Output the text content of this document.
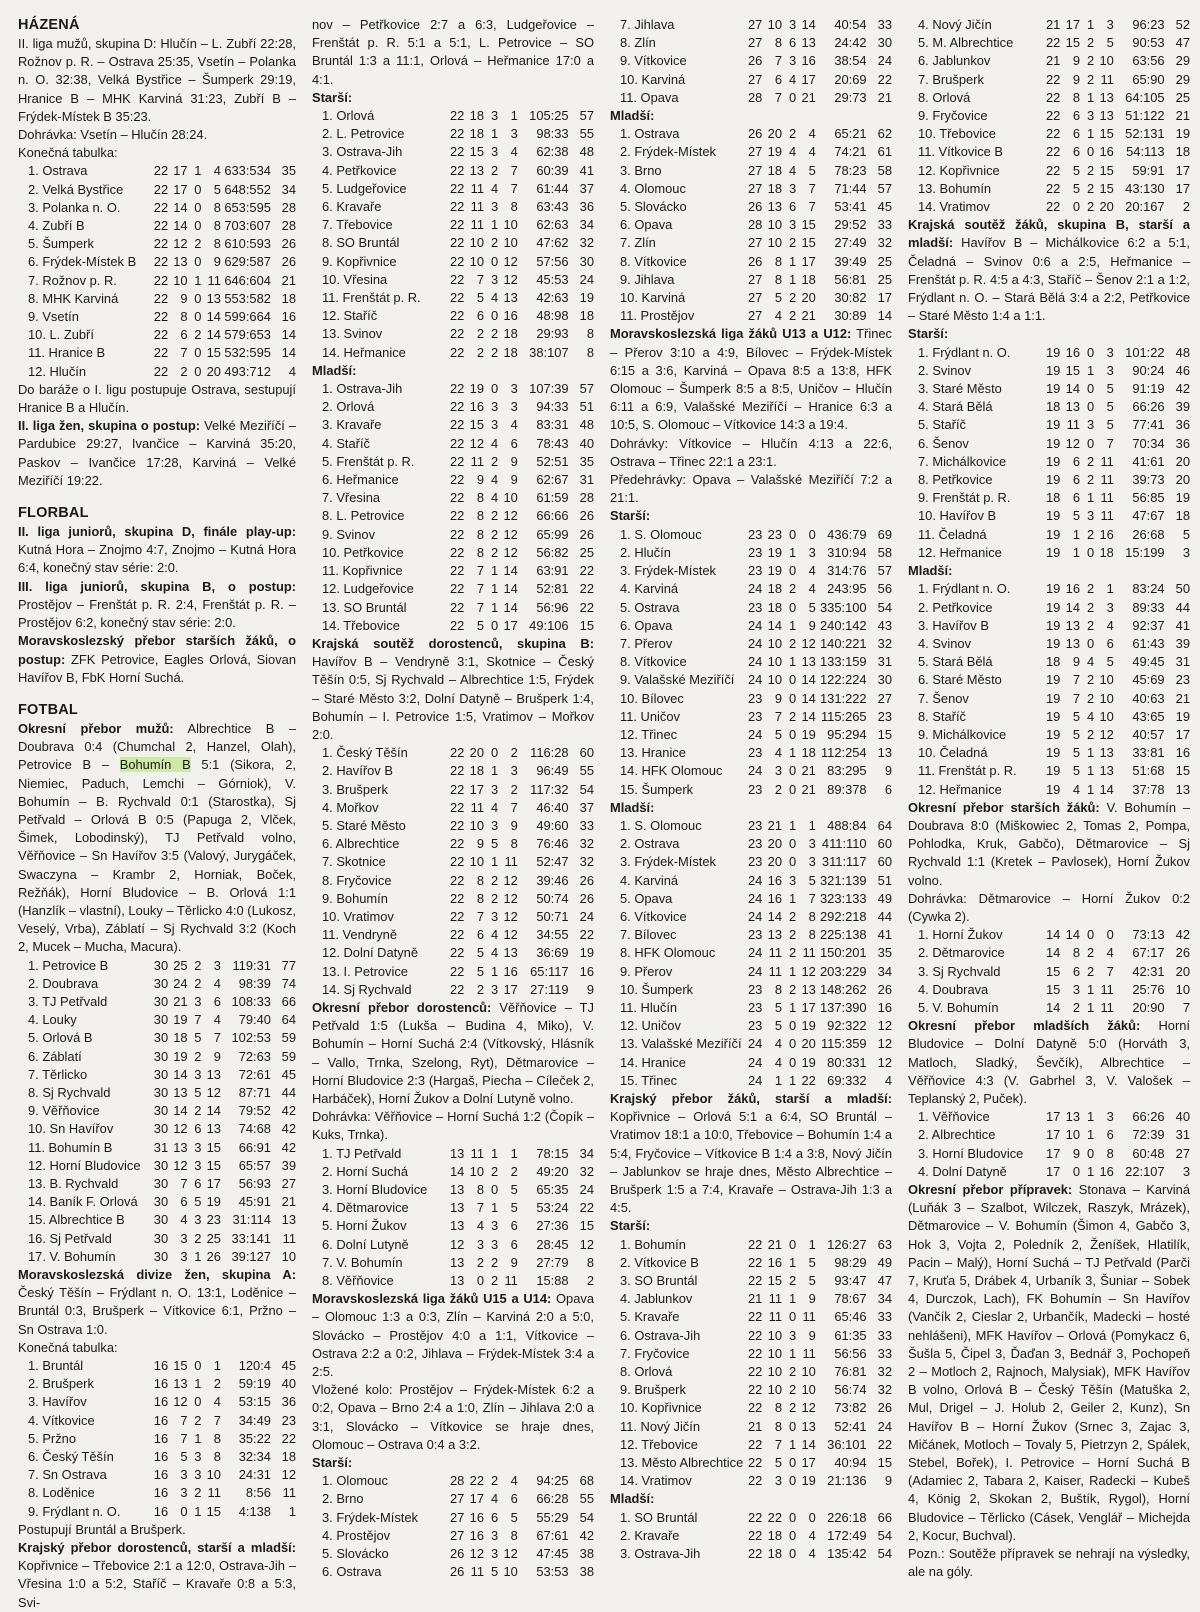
HÁZENÁ

II. liga mužů, skupina D: Hlučín – L. Zubří 22:28, Rožnov p. R. – Ostrava 25:35, Vsetín – Polanka n. O. 32:38, Velká Bystřice – Šumperk 29:19, Hranice B – MHK Karviná 31:23, Zubří B – Frýdek-Místek B 35:23.

Dohrávka: Vsetín – Hlučín 28:24.

Konečná tabulka:

1. Ostrava	22	17	1	4	633:534	35
2. Velká Bystřice	22	17	0	5	648:552	34
3. Polanka n. O.	22	14	0	8	653:595	28
4. Zubří B	22	14	0	8	703:607	28
5. Šumperk	22	12	2	8	610:593	26
6. Frýdek-Místek B	22	13	0	9	629:587	26
7. Rožnov p. R.	22	10	1	11	646:604	21
8. MHK Karviná	22	9	0	13	553:582	18
9. Vsetín	22	8	0	14	599:664	16
10. L. Zubří	22	6	2	14	579:653	14
11. Hranice B	22	7	0	15	532:595	14
12. Hlučín	22	2	0	20	493:712	4

Do baráže o I. ligu postupuje Ostrava, sestupují Hranice B a Hlučín.

II. liga žen, skupina o postup: Velké Meziříčí – Pardubice 29:27, Ivančice – Karviná 35:20, Paskov – Ivančice 17:28, Karviná – Velké Meziříčí 19:22.

FLORBAL

II. liga juniorů, skupina D, finále play-up: Kutná Hora – Znojmo 4:7, Znojmo – Kutná Hora 6:4, konečný stav série: 2:0.

III. liga juniorů, skupina B, o postup: Prostějov – Frenštát p. R. 2:4, Frenštát p. R. – Prostějov 6:2, konečný stav série: 2:0.

Moravskoslezský přebor starších žáků, o postup: ZFK Petrovice, Eagles Orlová, Siovan Havířov B, FbK Horní Suchá.

FOTBAL

Okresní přebor mužů: Albrechtice B – Doubrava 0:4 (Chumchal 2, Hanzel, Olah), Petrovice B – Bohumín B 5:1 (Sikora, 2, Niemiec, Paduch, Lemchi – Górniok), V. Bohumín – B. Rychvald 0:1 (Starostka), Sj Petřvald – Orlová B 0:5 (Papuga 2, Vlček, Šimek, Lobodinský), TJ Petřvald volno, Věřňovice – Sn Havířov 3:5 (Valový, Jurygáček, Swaczyna – Krambr 2, Horniak, Boček, Režňák), Horní Bludovice – B. Orlová 1:1 (Hanzlík – vlastní), Louky – Těrlicko 4:0 (Lukosz, Veselý, Vrba), Záblatí – Sj Rychvald 3:2 (Koch 2, Mucek – Mucha, Macura).

1. Petrovice B	30	25	2	3	119:31	77
2. Doubrava	30	24	2	4	98:39	74
3. TJ Petřvald	30	21	3	6	108:33	66
4. Louky	30	19	7	4	79:40	64
5. Orlová B	30	18	5	7	102:53	59
6. Záblatí	30	19	2	9	72:63	59
7. Těrlicko	30	14	3	13	72:61	45
8. Sj Rychvald	30	13	5	12	87:71	44
9. Věřňovice	30	14	2	14	79:52	42
10. Sn Havířov	30	12	6	13	74:68	42
11. Bohumín B	31	13	3	15	66:91	42
12. Horní Bludovice	30	12	3	15	65:57	39
13. B. Rychvald	30	7	6	17	56:93	27
14. Baník F. Orlová	30	6	5	19	45:91	21
15. Albrechtice B	30	4	3	23	31:114	13
16. Sj Petřvald	30	3	2	25	33:141	11
17. V. Bohumín	30	3	1	26	39:127	10

Moravskoslezská divize žen, skupina A: Český Těšín – Frýdlant n. O. 13:1, Loděnice – Bruntál 0:3, Brušperk – Vítkovice 6:1, Pržno – Sn Ostrava 1:0.

Konečná tabulka:

1. Bruntál	16	15	0	1	120:4	45
2. Brušperk	16	13	1	2	59:19	40
3. Havířov	16	12	0	4	53:15	36
4. Vítkovice	16	7	2	7	34:49	23
5. Pržno	16	7	1	8	35:22	22
6. Český Těšín	16	5	3	8	32:34	18
7. Sn Ostrava	16	3	3	10	24:31	12
8. Loděnice	16	3	2	11	8:56	11
9. Frýdlant n. O.	16	0	1	15	4:138	1

Postupují Bruntál a Brušperk.

Krajský přebor dorostenců, starší a mladší: Kopřivnice – Třebovice 2:1 a 12:0, Ostrava-Jih – Vřesina 1:0 a 5:2, Staříč – Kravaře 0:8 a 5:3, Svi-

nov – Petřkovice 2:7 a 6:3, Ludgeřovice – Frenštát p. R. 5:1 a 5:1, L. Petrovice – SO Bruntál 1:3 a 11:1, Orlová – Heřmanice 17:0 a 4:1.

Starší:
1. Orlová	22	18	3	1	105:25	57
2. L. Petrovice	22	18	1	3	98:33	55
3. Ostrava-Jih	22	15	3	4	62:38	48
4. Petřkovice	22	13	2	7	60:39	41
5. Ludgeřovice	22	11	4	7	61:44	37
6. Kravaře	22	11	3	8	63:43	36
7. Třebovice	22	11	1	10	62:63	34
8. SO Bruntál	22	10	2	10	47:62	32
9. Kopřivnice	22	10	0	12	57:56	30
10. Vřesina	22	7	3	12	45:53	24
11. Frenštát p. R.	22	5	4	13	42:63	19
12. Staříč	22	6	0	16	48:98	18
13. Svinov	22	2	2	18	29:93	8
14. Heřmanice	22	2	2	18	38:107	8
Mladší:
1. Ostrava-Jih	22	19	0	3	107:39	57
2. Orlová	22	16	3	3	94:33	51
3. Kravaře	22	15	3	4	83:31	48
4. Staříč	22	12	4	6	78:43	40
5. Frenštát p. R.	22	11	2	9	52:51	35
6. Heřmanice	22	9	4	9	62:67	31
7. Vřesina	22	8	4	10	61:59	28
8. L. Petrovice	22	8	2	12	66:66	26
9. Svinov	22	8	2	12	65:99	26
10. Petřkovice	22	8	2	12	56:82	25
11. Kopřivnice	22	7	1	14	63:91	22
12. Ludgeřovice	22	7	1	14	52:81	22
13. SO Bruntál	22	7	1	14	56:96	22
14. Třebovice	22	5	0	17	49:106	15

Krajská soutěž dorostenců, skupina B: Havířov B – Vendryně 3:1, Skotnice – Český Těšín 0:5, Sj Rychvald – Albrechtice 1:5, Frýdek – Staré Město 3:2, Dolní Datyně – Brušperk 1:4, Bohumín – I. Petrovice 1:5, Vratimov – Mořkov 2:0.

1. Český Těšín	22	20	0	2	116:28	60
2. Havířov B	22	18	1	3	96:49	55
3. Brušperk	22	17	3	2	117:32	54
4. Mořkov	22	11	4	7	46:40	37
5. Staré Město	22	10	3	9	49:60	33
6. Albrechtice	22	9	5	8	76:46	32
7. Skotnice	22	10	1	11	52:47	32
8. Fryčovice	22	8	2	12	39:46	26
9. Bohumín	22	8	2	12	50:74	26
10. Vratimov	22	7	3	12	50:71	24
11. Vendryně	22	6	4	12	34:55	22
12. Dolní Datyně	22	5	4	13	36:69	19
13. I. Petrovice	22	5	1	16	65:117	16
14. Sj Rychvald	22	2	3	17	27:119	9

Okresní přebor dorostenců: Věřňovice – TJ Petřvald 1:5 (Lukša – Budina 4, Miko), V. Bohumín – Horní Suchá 2:4 (Vítkovský, Hlásník – Vallo, Trnka, Szelong, Ryt), Dětmarovice – Horní Bludovice 2:3 (Hargaš, Piecha – Cíleček 2, Harbáček), Horní Žukov a Dolní Lutyně volno.

Dohrávka: Věřňovice – Horní Suchá 1:2 (Čopík – Kuks, Trnka).

1. TJ Petřvald	13	11	1	1	78:15	34
2. Horní Suchá	14	10	2	2	49:20	32
3. Horní Bludovice	13	8	0	5	65:35	24
4. Dětmarovice	13	7	1	5	53:24	22
5. Horní Žukov	13	4	3	6	27:36	15
6. Dolní Lutyně	12	3	3	6	28:45	12
7. V. Bohumín	13	2	2	9	27:79	8
8. Věřňovice	13	0	2	11	15:88	2

Moravskoslezská liga žáků U15 a U14: Opava – Olomouc 1:3 a 0:3, Zlín – Karviná 2:0 a 5:0, Slovácko – Prostějov 4:0 a 1:1, Vítkovice – Ostrava 2:2 a 0:2, Jihlava – Frýdek-Místek 3:4 a 2:5.

Vložené kolo: Prostějov – Frýdek-Místek 6:2 a 0:2, Opava – Brno 2:4 a 1:0, Zlín – Jihlava 2:0 a 3:1, Slovácko – Vítkovice se hraje dnes, Olomouc – Ostrava 0:4 a 3:2.

Starší:
1. Olomouc	28	22	2	4	94:25	68
2. Brno	27	17	4	6	66:28	55
3. Frýdek-Místek	27	16	6	5	55:29	54
4. Prostějov	27	16	3	8	67:61	42
5. Slovácko	26	12	3	12	47:45	38
6. Ostrava	26	11	5	10	53:53	38
7. Jihlava	27	10	3	14	40:54	33
8. Zlín	27	8	6	13	24:42	30
9. Vítkovice	26	7	3	16	38:54	24
10. Karviná	27	6	4	17	20:69	22
11. Opava	28	7	0	21	29:73	21
Mladší:
1. Ostrava	26	20	2	4	65:21	62
2. Frýdek-Místek	27	19	4	4	74:21	61
3. Brno	27	18	4	5	78:23	58
4. Olomouc	27	18	3	7	71:44	57
5. Slovácko	26	13	6	7	53:41	45
6. Opava	28	10	3	15	29:52	33
7. Zlín	27	10	2	15	27:49	32
8. Vítkovice	26	8	1	17	39:49	25
9. Jihlava	27	8	1	18	56:81	25
10. Karviná	27	5	2	20	30:82	17
11. Prostějov	27	4	2	21	30:89	14

Moravskoslezská liga žáků U13 a U12: Třinec – Přerov 3:10 a 4:9, Bílovec – Frýdek-Místek 6:15 a 3:6, Karviná – Opava 8:5 a 13:8, HFK Olomouc – Šumperk 8:5 a 8:5, Uničov – Hlučín 6:11 a 6:9, Valašské Meziříčí – Hranice 6:3 a 10:5, S. Olomouc – Vítkovice 14:3 a 19:4.

Dohrávky: Vítkovice – Hlučín 4:13 a 22:6, Ostrava – Třinec 22:1 a 23:1.

Předehrávky: Opava – Valašské Meziříčí 7:2 a 21:1.

Starší:
1. S. Olomouc	23	23	0	0	436:79	69
2. Hlučín	23	19	1	3	310:94	58
3. Frýdek-Místek	23	19	0	4	314:76	57
4. Karviná	24	18	2	4	243:95	56
5. Ostrava	23	18	0	5	335:100	54
6. Opava	24	14	1	9	240:142	43
7. Přerov	24	10	2	12	140:221	32
8. Vítkovice	24	10	1	13	133:159	31
9. Valašské Meziříčí	24	10	0	14	122:224	30
10. Bílovec	23	9	0	14	131:222	27
11. Uničov	23	7	2	14	115:265	23
12. Třinec	24	5	0	19	95:294	15
13. Hranice	23	4	1	18	112:254	13
14. HFK Olomouc	24	3	0	21	83:295	9
15. Šumperk	23	2	0	21	89:378	6
Mladší:
1. S. Olomouc	23	21	1	1	488:84	64
2. Ostrava	23	20	0	3	411:110	60
3. Frýdek-Místek	23	20	0	3	311:117	60
4. Karviná	24	16	3	5	321:139	51
5. Opava	24	16	1	7	323:133	49
6. Vítkovice	24	14	2	8	292:218	44
7. Bílovec	23	13	2	8	225:138	41
8. HFK Olomouc	24	11	2	11	150:201	35
9. Přerov	24	11	1	12	203:229	34
10. Šumperk	23	8	2	13	148:262	26
11. Hlučín	23	5	1	17	137:390	16
12. Uničov	23	5	0	19	92:322	12
13. Valašské Meziříčí	24	4	0	20	115:359	12
14. Hranice	24	4	0	19	80:331	12
15. Třinec	24	1	1	22	69:332	4

Krajský přebor žáků, starší a mladší: Kopřivnice – Orlová 5:1 a 6:4, SO Bruntál – Vratimov 18:1 a 10:0, Třebovice – Bohumín 1:4 a 5:4, Fryčovice – Vítkovice B 1:4 a 3:8, Nový Jičín – Jablunkov se hraje dnes, Město Albrechtice – Brušperk 1:5 a 7:4, Kravaře – Ostrava-Jih 1:3 a 4:5.

Starší:
1. Bohumín	22	21	0	1	126:27	63
2. Vítkovice B	22	16	1	5	98:29	49
3. SO Bruntál	22	15	2	5	93:47	47
4. Jablunkov	21	11	1	9	78:67	34
5. Kravaře	22	11	0	11	65:46	33
6. Ostrava-Jih	22	10	3	9	61:35	33
7. Fryčovice	22	10	1	11	56:56	33
8. Orlová	22	10	2	10	76:81	32
9. Brušperk	22	10	2	10	56:74	32
10. Kopřivnice	22	8	2	12	73:82	26
11. Nový Jičín	21	8	0	13	52:41	24
12. Třebovice	22	7	1	14	36:101	22
13. Město Albrechtice	22	5	0	17	40:94	15
14. Vratimov	22	3	0	19	21:136	9
Mladší:
1. SO Bruntál	22	22	0	0	226:18	66
2. Kravaře	22	18	0	4	172:49	54
3. Ostrava-Jih	22	18	0	4	135:42	54
4. Nový Jičín	21	17	1	3	96:23	52
5. M. Albrechtice	22	15	2	5	90:53	47
6. Jablunkov	21	9	2	10	63:56	29
7. Brušperk	22	9	2	11	65:90	29
8. Orlová	22	8	1	13	64:105	25
9. Fryčovice	22	6	3	13	51:122	21
10. Třebovice	22	6	1	15	52:131	19
11. Vítkovice B	22	6	0	16	54:113	18
12. Kopřivnice	22	5	2	15	59:91	17
13. Bohumín	22	5	2	15	43:130	17
14. Vratimov	22	0	2	20	20:167	2

Krajská soutěž žáků, skupina B, starší a mladší: Havířov B – Michálkovice 6:2 a 5:1, Čeladná – Svinov 0:6 a 2:5, Heřmanice – Frenštát p. R. 4:5 a 4:3, Staříč – Šenov 2:1 a 1:2, Frýdlant n. O. – Stará Bělá 3:4 a 2:2, Petřkovice – Staré Město 1:4 a 1:1.

Starší:
1. Frýdlant n. O.	19	16	0	3	101:22	48
2. Svinov	19	15	1	3	90:24	46
3. Staré Město	19	14	0	5	91:19	42
4. Stará Bělá	18	13	0	5	66:26	39
5. Staříč	19	11	3	5	77:41	36
6. Šenov	19	12	0	7	70:34	36
7. Michálkovice	19	6	2	11	41:61	20
8. Petřkovice	19	6	2	11	39:73	20
9. Frenštát p. R.	18	6	1	11	56:85	19
10. Havířov B	19	5	3	11	47:67	18
11. Čeladná	19	1	2	16	26:68	5
12. Heřmanice	19	1	0	18	15:199	3
Mladší:
1. Frýdlant n. O.	19	16	2	1	83:24	50
2. Petřkovice	19	14	2	3	89:33	44
3. Havířov B	19	13	2	4	92:37	41
4. Svinov	19	13	0	6	61:43	39
5. Stará Bělá	18	9	4	5	49:45	31
6. Staré Město	19	7	2	10	45:69	23
7. Šenov	19	7	2	10	40:63	21
8. Staříč	19	5	4	10	43:65	19
9. Michálkovice	19	5	2	12	40:57	17
10. Čeladná	19	5	1	13	33:81	16
11. Frenštát p. R.	19	5	1	13	51:68	15
12. Heřmanice	19	4	1	14	37:78	13

Okresní přebor starších žáků: V. Bohumín – Doubrava 8:0 (Miškowiec 2, Tomas 2, Pompa, Pohlodka, Kruk, Gabčo), Dětmarovice – Sj Rychvald 1:1 (Kretek – Pavlosek), Horní Žukov volno.

Dohrávka: Dětmarovice – Horní Žukov 0:2 (Cywka 2).

1. Horní Žukov	14	14	0	0	73:13	42
2. Dětmarovice	14	8	2	4	67:17	26
3. Sj Rychvald	15	6	2	7	42:31	20
4. Doubrava	15	3	1	11	25:76	10
5. V. Bohumín	14	2	1	11	20:90	7

Okresní přebor mladších žáků: Horní Bludovice – Dolní Datyně 5:0 (Horváth 3, Matloch, Sladký, Ševčík), Albrechtice – Věřňovice 4:3 (V. Gabrhel 3, V. Valošek – Teplanský 2, Puček).

1. Věřňovice	17	13	1	3	66:26	40
2. Albrechtice	17	10	1	6	72:39	31
3. Horní Bludovice	17	9	0	8	60:48	27
4. Dolní Datyně	17	0	1	16	22:107	3

Okresní přebor přípravek: Stonava – Karviná (Luňák 3 – Szalbot, Wilczek, Raszyk, Mrázek), Dětmarovice – V. Bohumín (Šimon 4, Gabčo 3, Hok 3, Vojta 2, Poledník 2, Ženíšek, Hlatilík, Pacin – Malý), Horní Suchá – TJ Petřvald (Parči 7, Kruťa 5, Drábek 4, Urbaník 3, Šuniar – Sobek 4, Durczok, Lach), FK Bohumín – Sn Havířov (Vančík 2, Cieslar 2, Urbančík, Madecki – hosté nehlášeni), MFK Havířov – Orlová (Pomykacz 6, Šušla 5, Čipel 3, Ďaďan 3, Bednář 3, Pochopeň 2 – Motloch 2, Rajnoch, Malysiak), MFK Havířov B volno, Orlová B – Český Těšín (Matuška 2, Mul, Drigel – J. Holub 2, Geiler 2, Kunz), Sn Havířov B – Horní Žukov (Srnec 3, Zajac 3, Mičánek, Motloch – Tovaly 5, Pietrzyn 2, Spálek, Stebel, Bořek), I. Petrovice – Horní Suchá B (Adamiec 2, Tabara 2, Kaiser, Radecki – Kubeš 4, König 2, Skokan 2, Buštík, Rygol), Horní Bludovice – Těrlicko (Cásek, Venglář – Michejda 2, Kocur, Buchval).

Pozn.: Soutěže přípravek se nehrají na výsledky, ale na góly.
